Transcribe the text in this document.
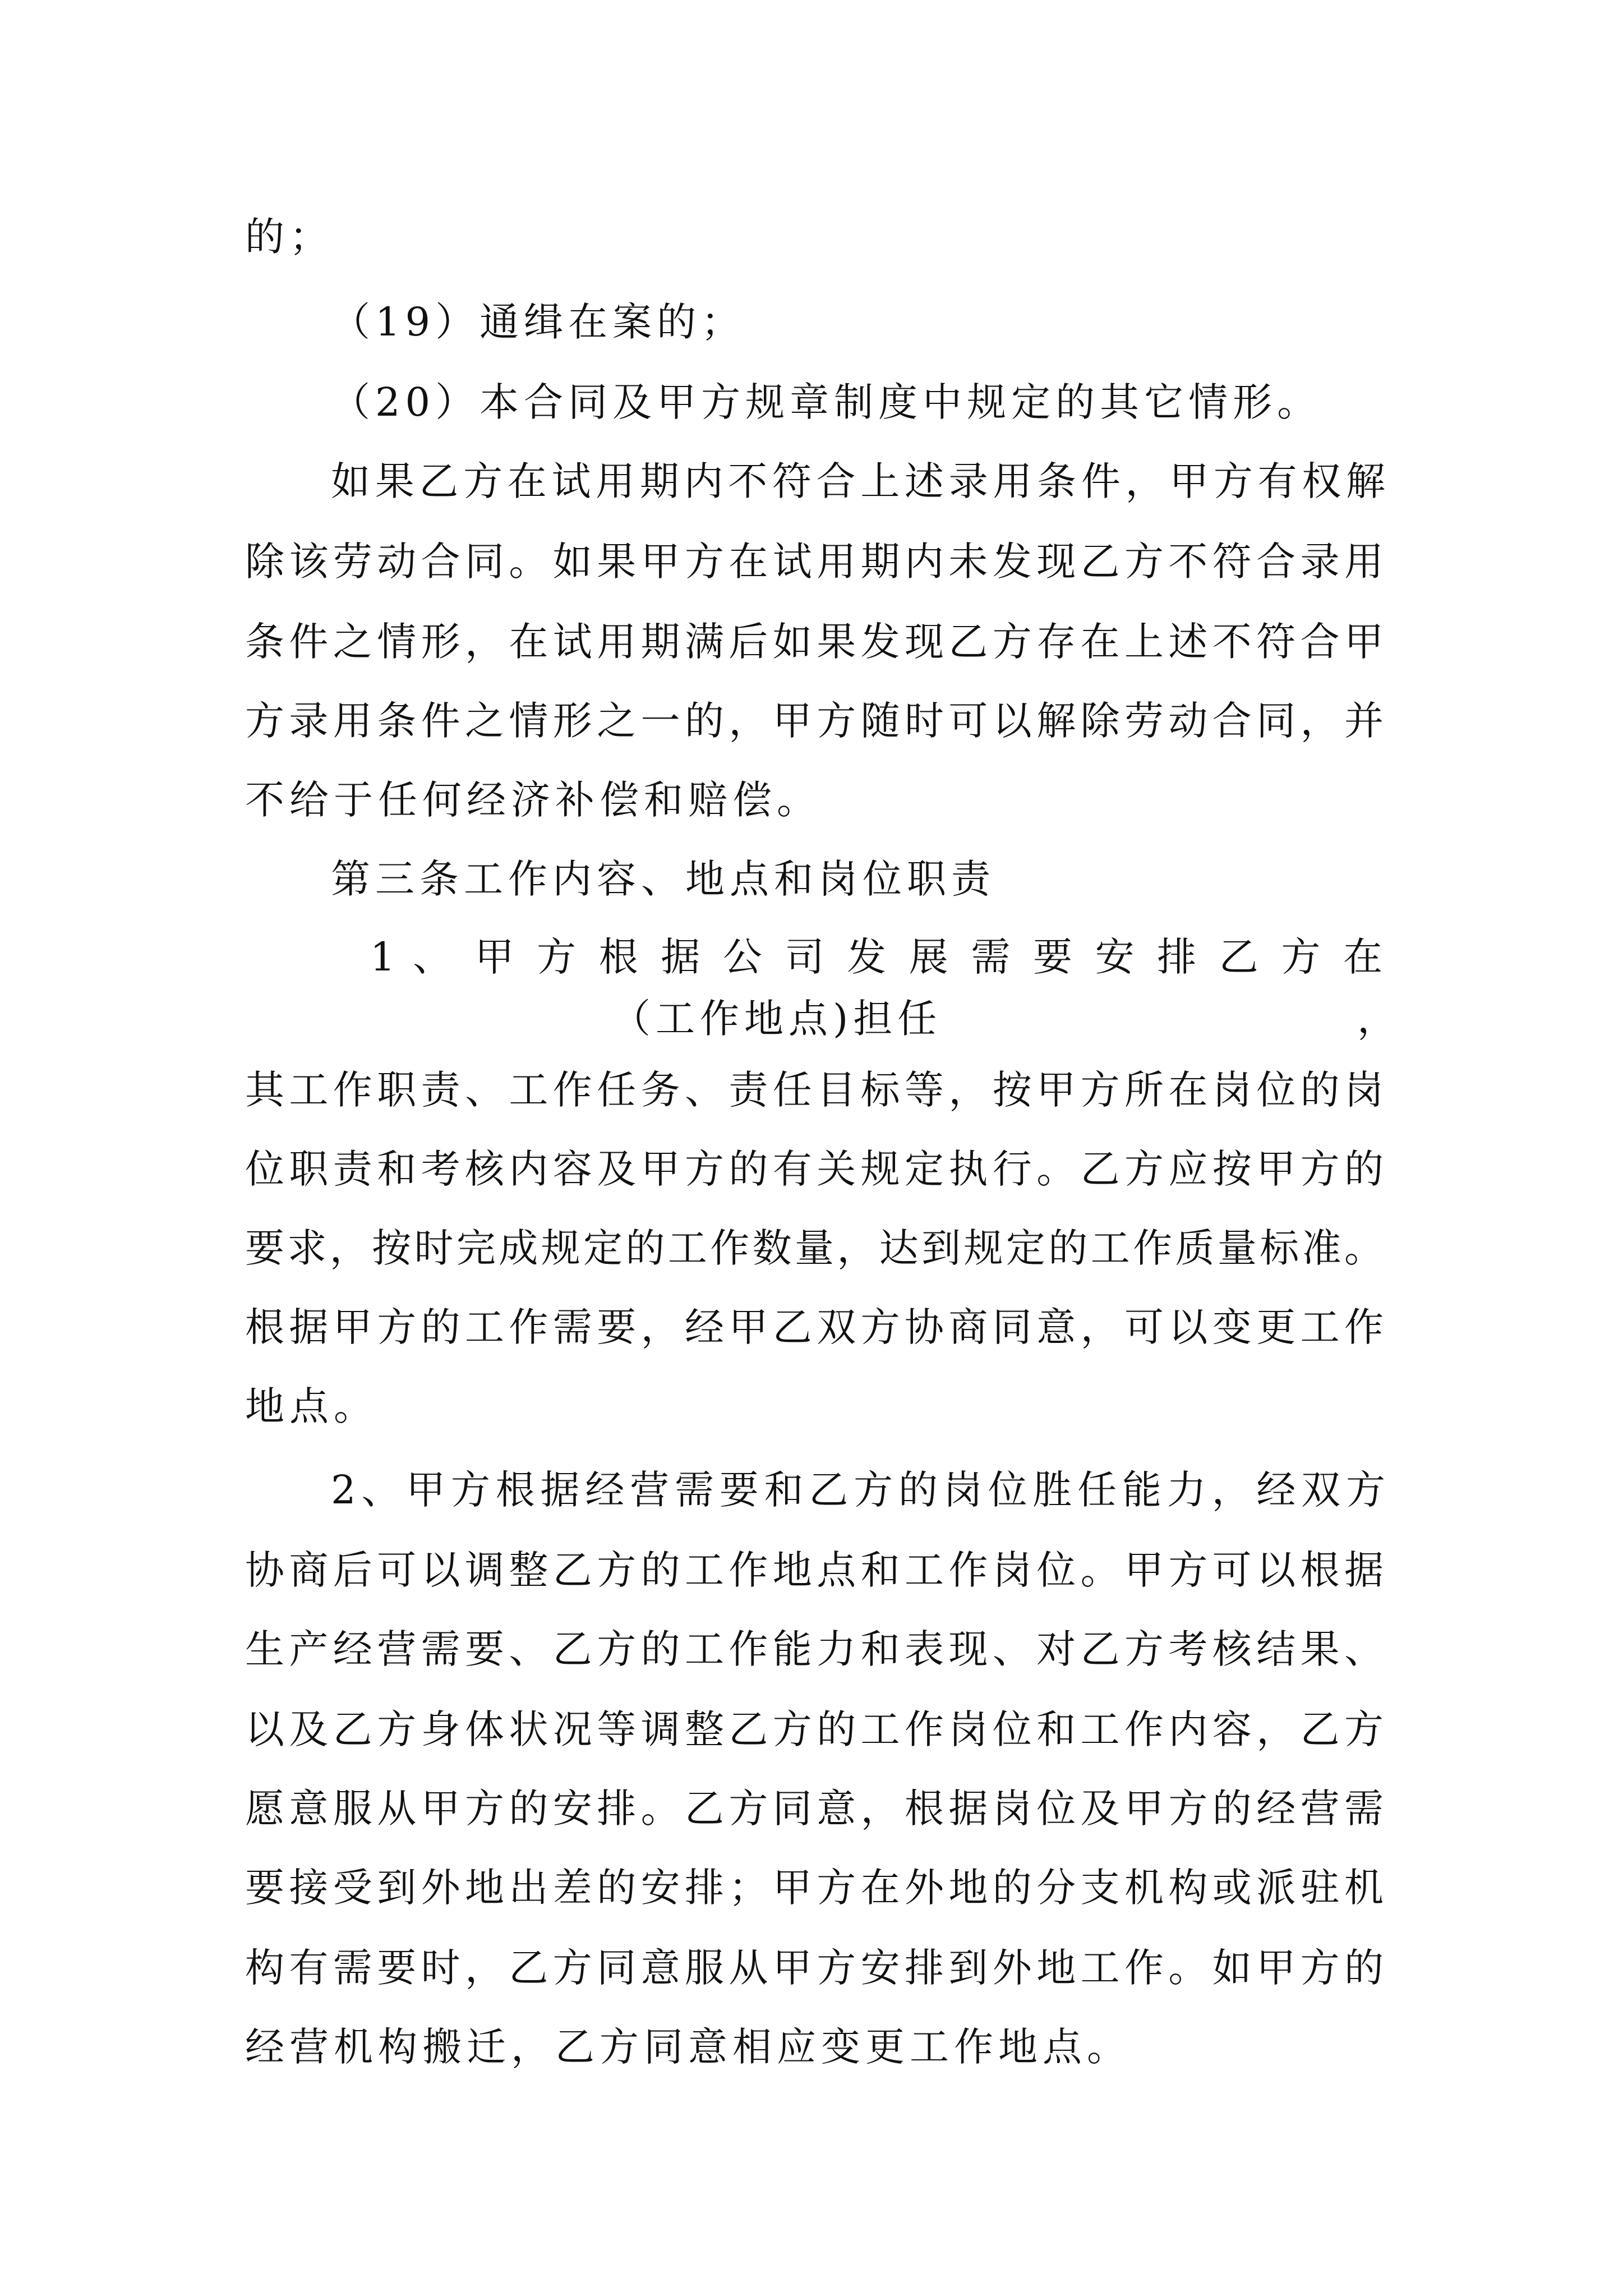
的；
（19）通缉在案的；
（20）本合同及甲方规章制度中规定的其它情形。
如果乙方在试用期内不符合上述录用条件，甲方有权解
除该劳动合同。如果甲方在试用期内未发现乙方不符合录用
条件之情形，在试用期满后如果发现乙方存在上述不符合甲
方录用条件之情形之一的，甲方随时可以解除劳动合同，并
不给于任何经济补偿和赔偿。
第三条工作内容、地点和岗位职责
1 、 甲 方 根 据 公 司 发 展 需 要 安 排 乙 方 在
（工作地点)担任	，
其工作职责、工作任务、责任目标等，按甲方所在岗位的岗
位职责和考核内容及甲方的有关规定执行。乙方应按甲方的
要求，按时完成规定的工作数量，达到规定的工作质量标准。
根据甲方的工作需要，经甲乙双方协商同意，可以变更工作
地点。
2、甲方根据经营需要和乙方的岗位胜任能力，经双方
协商后可以调整乙方的工作地点和工作岗位。甲方可以根据
生产经营需要、乙方的工作能力和表现、对乙方考核结果、
以及乙方身体状况等调整乙方的工作岗位和工作内容，乙方
愿意服从甲方的安排。乙方同意，根据岗位及甲方的经营需
要接受到外地出差的安排；甲方在外地的分支机构或派驻机
构有需要时，乙方同意服从甲方安排到外地工作。如甲方的
经营机构搬迁，乙方同意相应变更工作地点。
